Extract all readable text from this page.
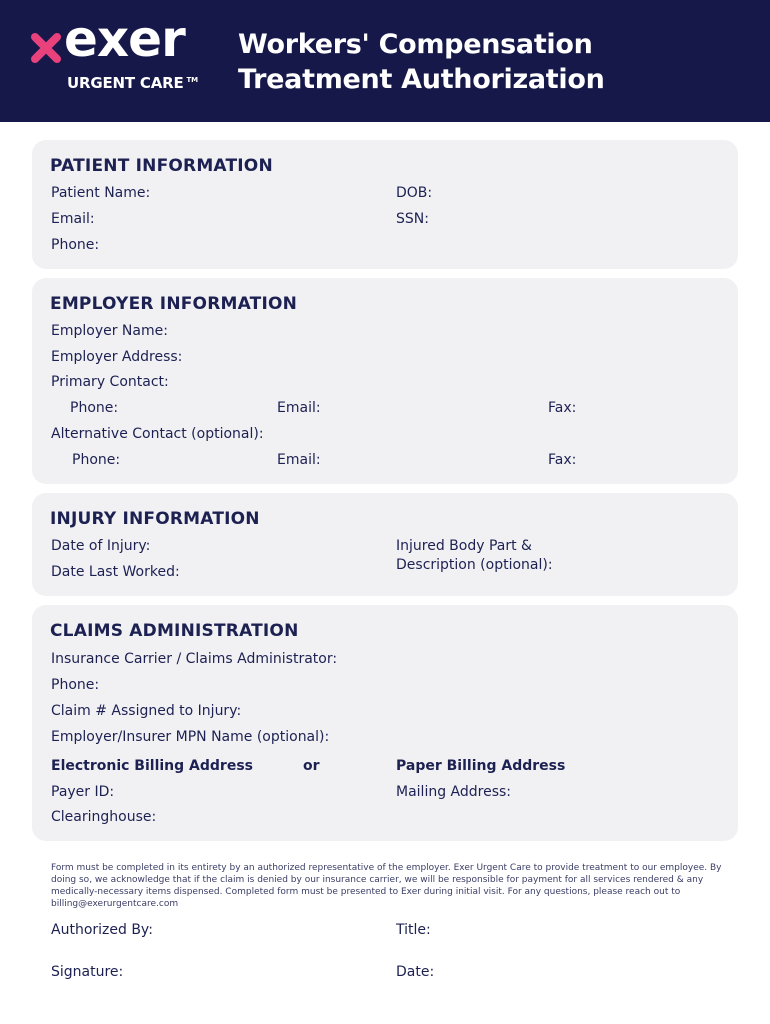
exer
URGENT CARE ™
Workers' Compensation
Treatment Authorization
PATIENT INFORMATION
Patient Name:	DOB:
Email:	SSN:
Phone:
EMPLOYER INFORMATION
Employer Name:
Employer Address:
Primary Contact:
Phone:	Email:	Fax:
Alternative Contact (optional):
Phone:	Email:	Fax:
INJURY INFORMATION
Date of Injury:
Date Last Worked:
Injured Body Part & Description (optional):
CLAIMS ADMINISTRATION
Insurance Carrier / Claims Administrator:
Phone:
Claim # Assigned to Injury:
Employer/Insurer MPN Name (optional):
Electronic Billing Address	or	Paper Billing Address
Payer ID:	Mailing Address:
Clearinghouse:
Form must be completed in its entirety by an authorized representative of the employer. Exer Urgent Care to provide treatment to our employee. By doing so, we acknowledge that if the claim is denied by our insurance carrier, we will be responsible for payment for all services rendered & any medically-necessary items dispensed. Completed form must be presented to Exer during initial visit. For any questions, please reach out to billing@exerurgentcare.com
Authorized By:	Title:
Signature:	Date:
